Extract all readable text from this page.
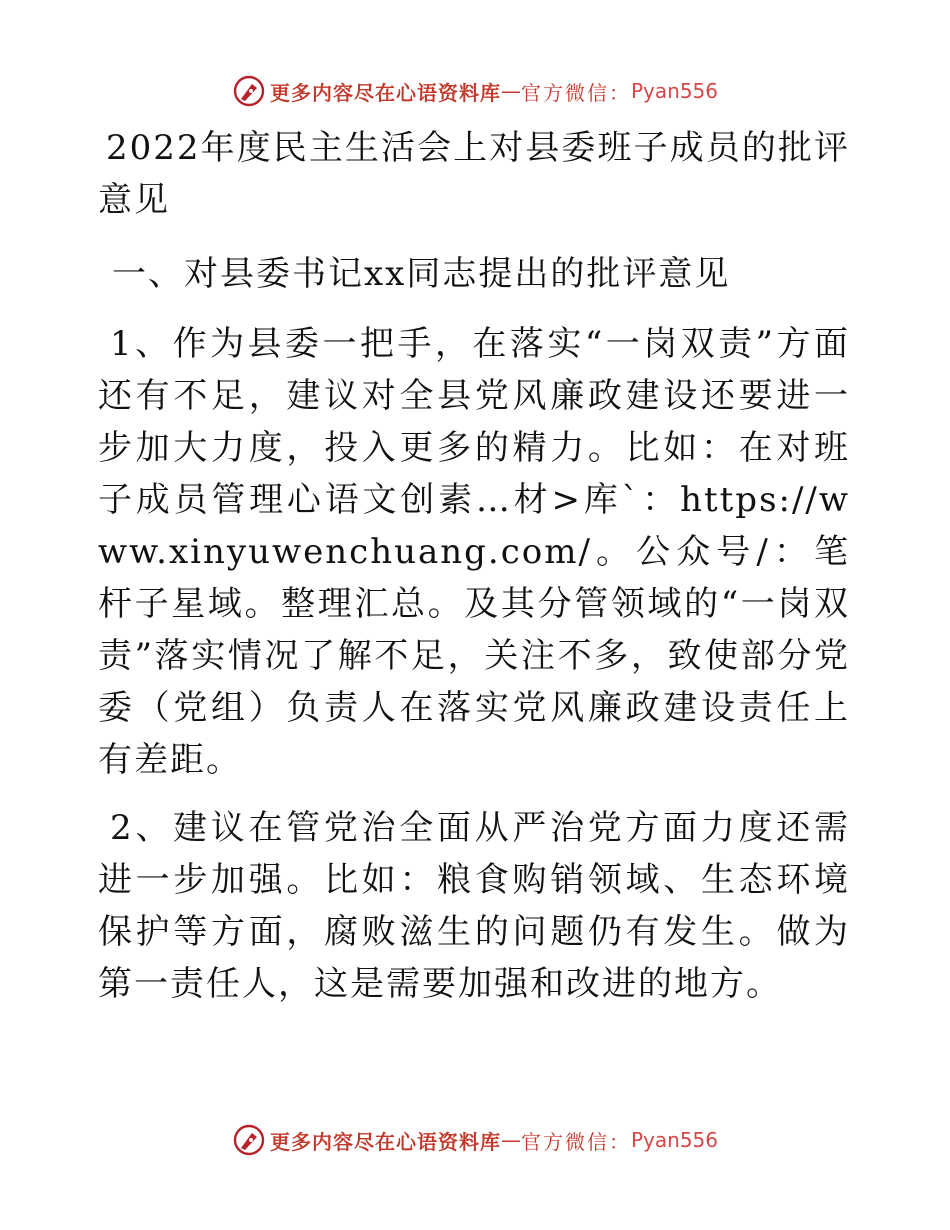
更多内容尽在心语资料库 — 官方微信： Pyan556

2022年度民主生活会上对县委班子成员的批评意见

一、对县委书记xx同志提出的批评意见

1、作为县委一把手，在落实“一岗双责”方面还有不足，建议对全县党风廉政建设还要进一步加大力度，投入更多的精力。比如：在对班子成员管理心语文创素…材>库`：https://www.xinyuwenchuang.com/。公众号/：笔杆子星域。整理汇总。及其分管领域的“一岗双责”落实情况了解不足，关注不多，致使部分党委（党组）负责人在落实党风廉政建设责任上有差距。

2、建议在管党治全面从严治党方面力度还需进一步加强。比如：粮食购销领域、生态环境保护等方面，腐败滋生的问题仍有发生。做为第一责任人，这是需要加强和改进的地方。

更多内容尽在心语资料库 — 官方微信： Pyan556
